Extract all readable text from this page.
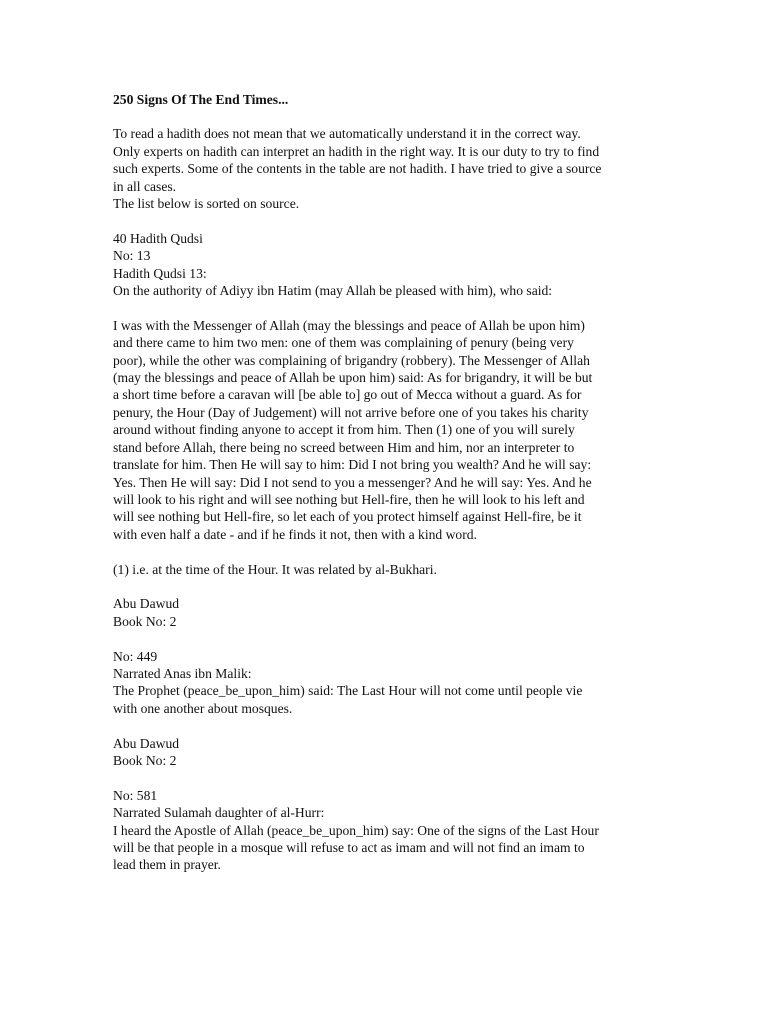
250 Signs Of The End Times...
To read a hadith does not mean that we automatically understand it in the correct way.
Only experts on hadith can interpret an hadith in the right way. It is our duty to try to find
such experts. Some of the contents in the table are not hadith. I have tried to give a source
in all cases.
The list below is sorted on source.
40 Hadith Qudsi
No: 13
Hadith Qudsi 13:
On the authority of Adiyy ibn Hatim (may Allah be pleased with him), who said:
I was with the Messenger of Allah (may the blessings and peace of Allah be upon him)
and there came to him two men: one of them was complaining of penury (being very
poor), while the other was complaining of brigandry (robbery). The Messenger of Allah
(may the blessings and peace of Allah be upon him) said: As for brigandry, it will be but
a short time before a caravan will [be able to] go out of Mecca without a guard. As for
penury, the Hour (Day of Judgement) will not arrive before one of you takes his charity
around without finding anyone to accept it from him. Then (1) one of you will surely
stand before Allah, there being no screed between Him and him, nor an interpreter to
translate for him. Then He will say to him: Did I not bring you wealth? And he will say:
Yes. Then He will say: Did I not send to you a messenger? And he will say: Yes. And he
will look to his right and will see nothing but Hell-fire, then he will look to his left and
will see nothing but Hell-fire, so let each of you protect himself against Hell-fire, be it
with even half a date - and if he finds it not, then with a kind word.
(1) i.e. at the time of the Hour. It was related by al-Bukhari.
Abu Dawud
Book No: 2
No: 449
Narrated Anas ibn Malik:
The Prophet (peace_be_upon_him) said: The Last Hour will not come until people vie
with one another about mosques.
Abu Dawud
Book No: 2
No: 581
Narrated Sulamah daughter of al-Hurr:
I heard the Apostle of Allah (peace_be_upon_him) say: One of the signs of the Last Hour
will be that people in a mosque will refuse to act as imam and will not find an imam to
lead them in prayer.
